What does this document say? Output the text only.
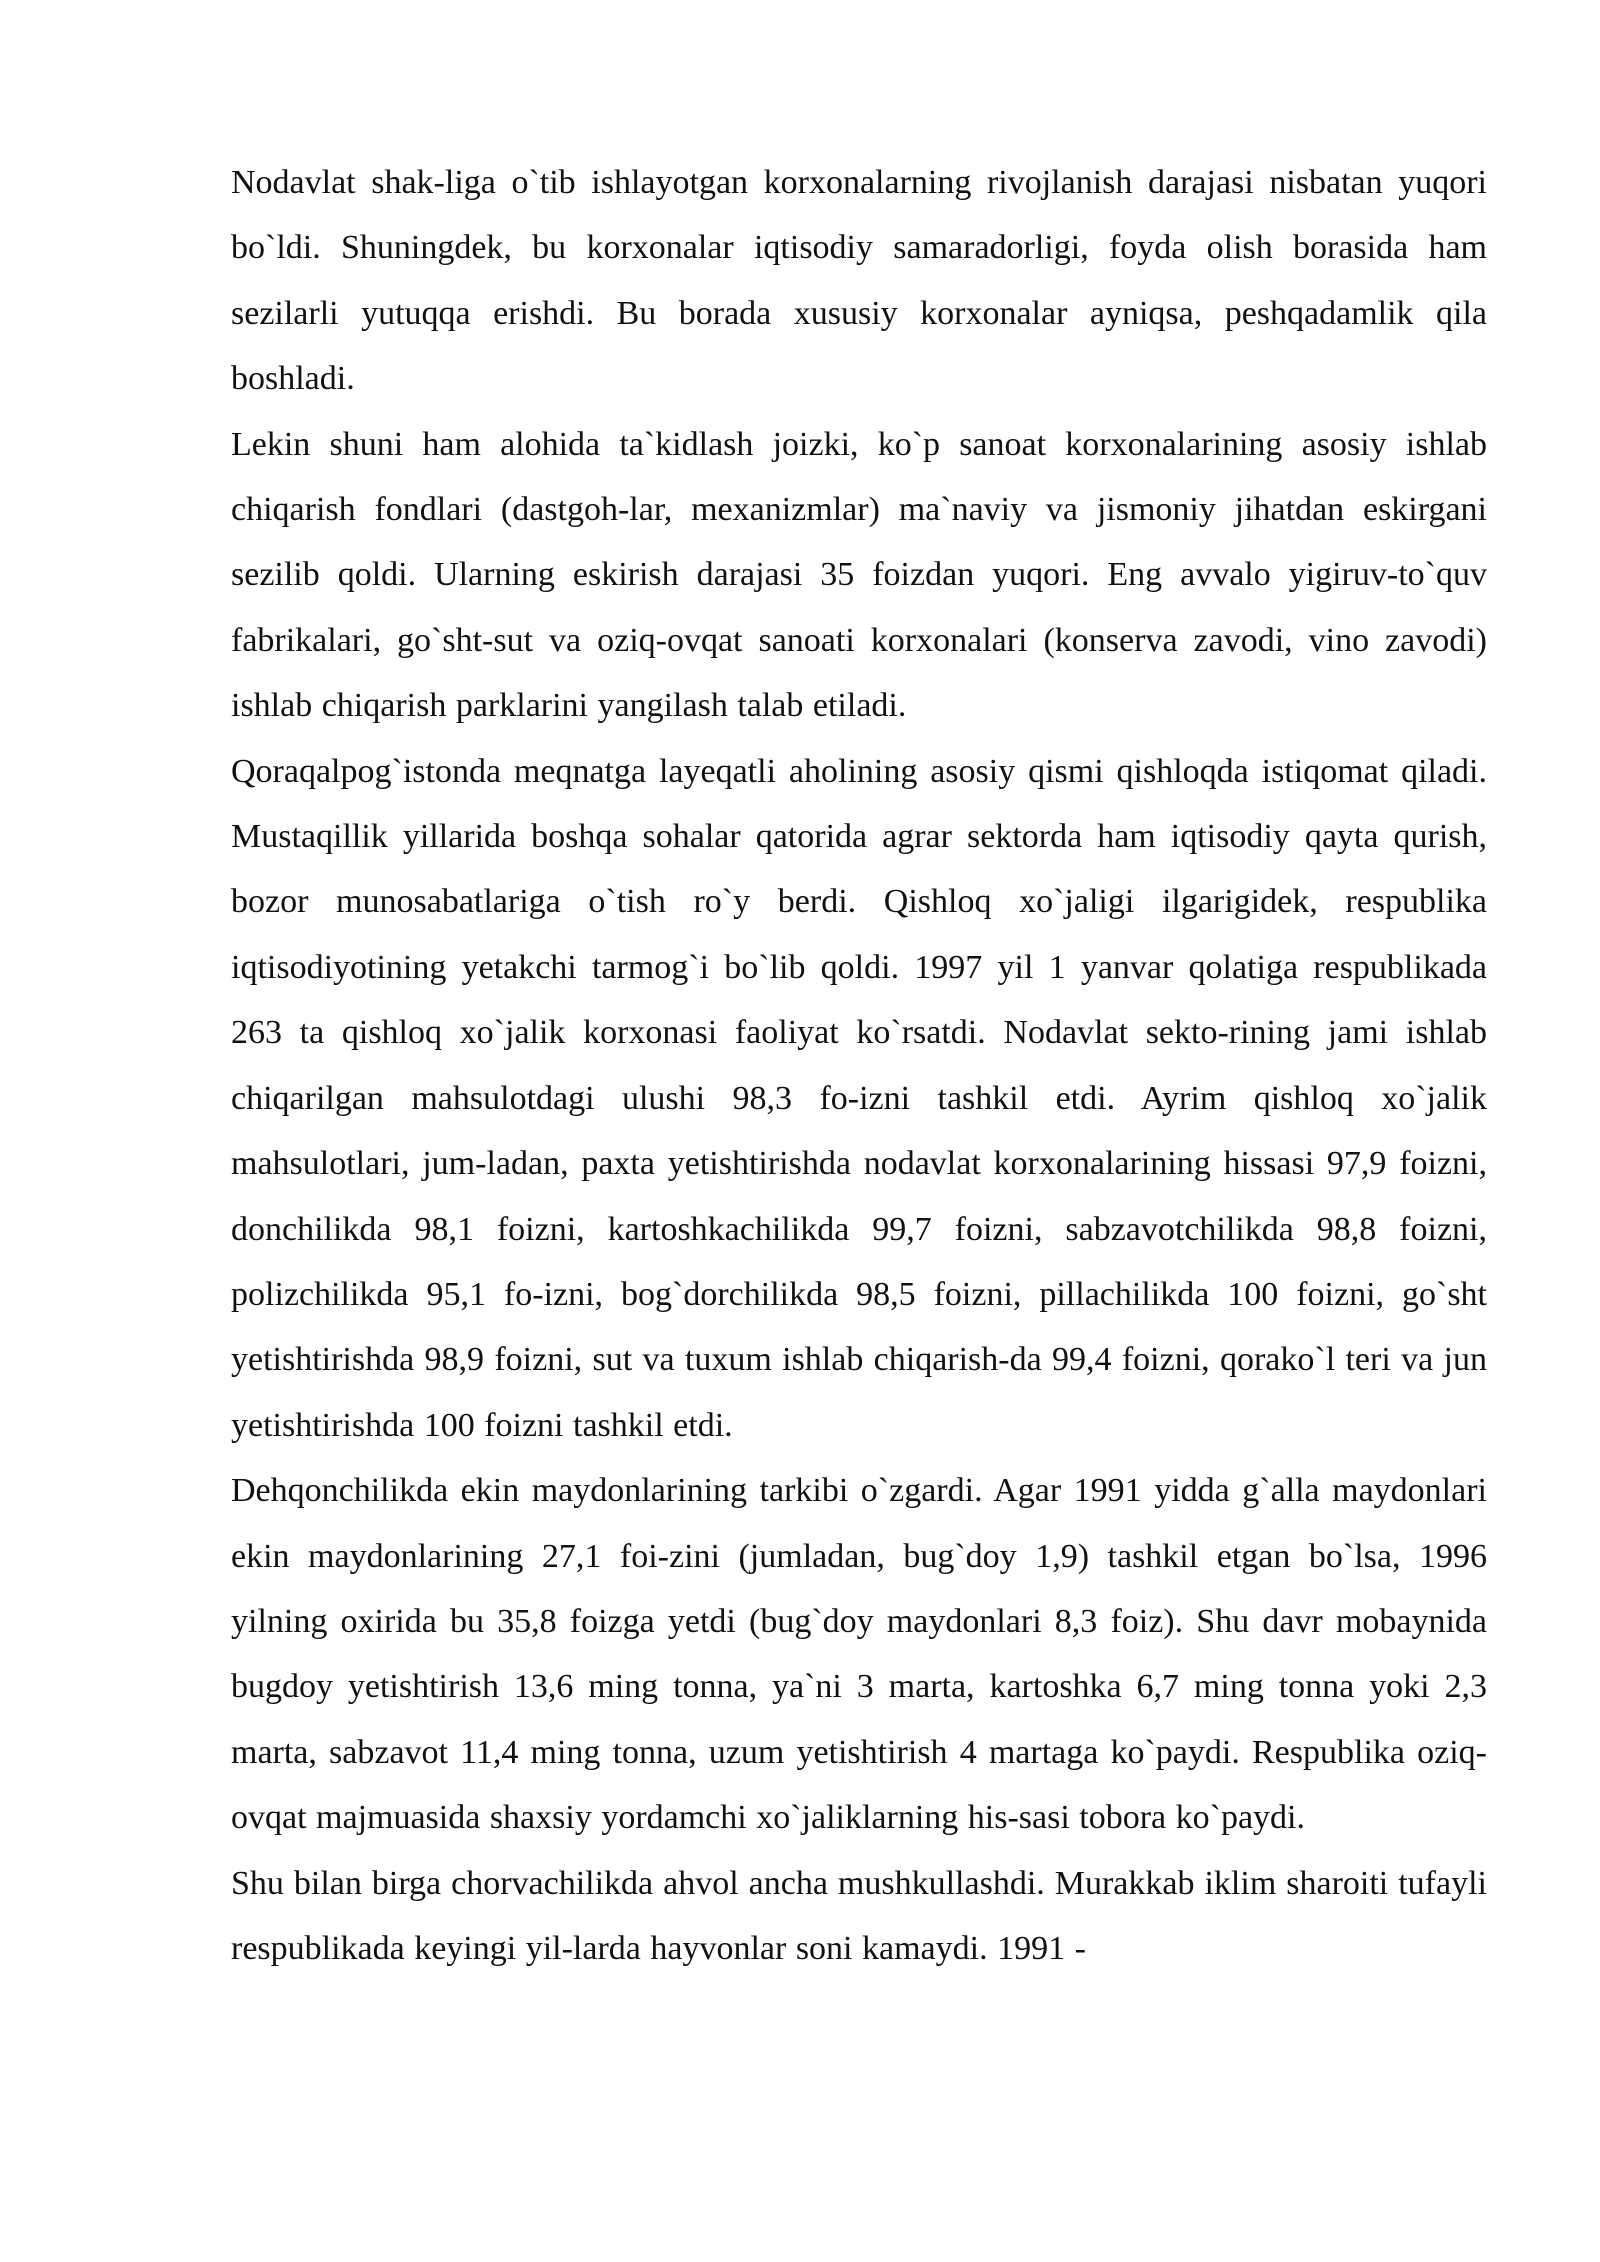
Nodavlat shak-liga o`tib ishlayotgan korxonalarning rivojlanish darajasi nisbatan yuqori bo`ldi. Shuningdek, bu korxonalar iqtisodiy samaradorligi, foyda olish borasida ham sezilarli yutuqqa erishdi. Bu borada xususiy korxonalar ayniqsa, peshqadamlik qila boshladi.

Lekin shuni ham alohida ta`kidlash joizki, ko`p sanoat korxonalarining asosiy ishlab chiqarish fondlari (dastgoh-lar, mexanizmlar) ma`naviy va jismoniy jihatdan eskirgani sezilib qoldi. Ularning eskirish darajasi 35 foizdan yuqori. Eng avvalo yigiruv-to`quv fabrikalari, go`sht-sut va oziq-ovqat sanoati korxonalari (konserva zavodi, vino zavodi) ishlab chiqarish parklarini yangilash talab etiladi.

Qoraqalpog`istonda meqnatga layeqatli aholining asosiy qismi qishloqda istiqomat qiladi. Mustaqillik yillarida boshqa sohalar qatorida agrar sektorda ham iqtisodiy qayta qurish, bozor munosabatlariga o`tish ro`y berdi. Qishloq xo`jaligi ilgarigidek, respublika iqtisodiyotining yetakchi tarmog`i bo`lib qoldi. 1997 yil 1 yanvar qolatiga respublikada 263 ta qishloq xo`jalik korxonasi faoliyat ko`rsatdi. Nodavlat sekto-rining jami ishlab chiqarilgan mahsulotdagi ulushi 98,3 fo-izni tashkil etdi. Ayrim qishloq xo`jalik mahsulotlari, jum-ladan, paxta yetishtirishda nodavlat korxonalarining hissasi 97,9 foizni, donchilikda 98,1 foizni, kartoshkachilikda 99,7 foizni, sabzavotchilikda 98,8 foizni, polizchilikda 95,1 fo-izni, bog`dorchilikda 98,5 foizni, pillachilikda 100 foizni, go`sht yetishtirishda 98,9 foizni, sut va tuxum ishlab chiqarish-da 99,4 foizni, qorako`l teri va jun yetishtirishda 100 foizni tashkil etdi.

Dehqonchilikda ekin maydonlarining tarkibi o`zgardi. Agar 1991 yidda g`alla maydonlari ekin maydonlarining 27,1 foi-zini (jumladan, bug`doy 1,9) tashkil etgan bo`lsa, 1996 yilning oxirida bu 35,8 foizga yetdi (bug`doy maydonlari 8,3 foiz). Shu davr mobaynida bugdoy yetishtirish 13,6 ming tonna, ya`ni 3 marta, kartoshka 6,7 ming tonna yoki 2,3 marta, sabzavot 11,4 ming tonna, uzum yetishtirish 4 martaga ko`paydi. Respublika oziq-ovqat majmuasida shaxsiy yordamchi xo`jaliklarning his-sasi tobora ko`paydi.

Shu bilan birga chorvachilikda ahvol ancha mushkullashdi. Murakkab iklim sharoiti tufayli respublikada keyingi yil-larda hayvonlar soni kamaydi. 1991 -
